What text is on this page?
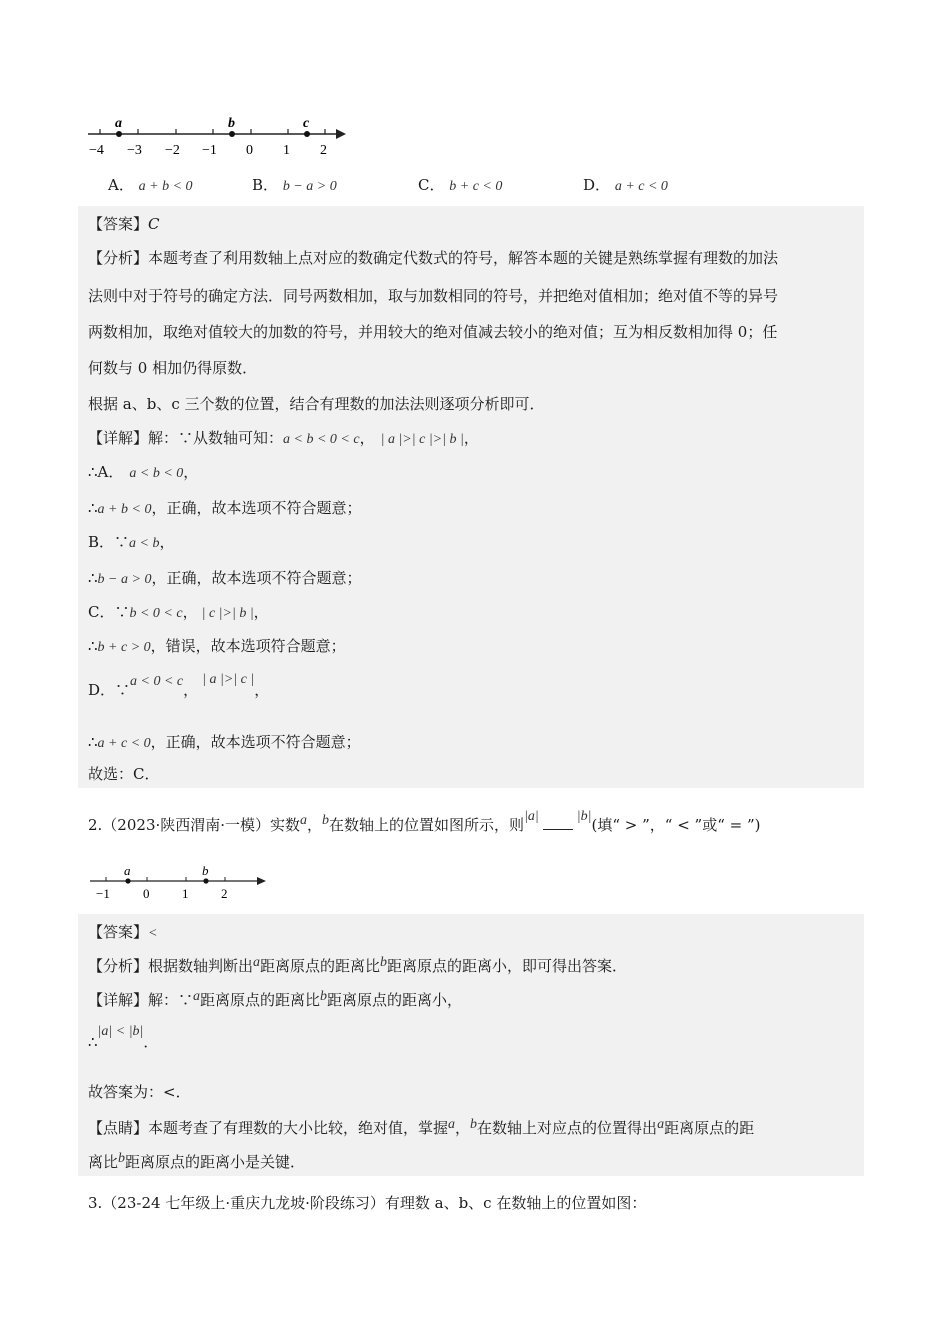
a	b	c
−4 −3 −2 −1 0 1 2
A． a + b < 0	B． b − a > 0	C． b + c < 0	D． a + c < 0
【答案】C
【分析】本题考查了利用数轴上点对应的数确定代数式的符号，解答本题的关键是熟练掌握有理数的加法
法则中对于符号的确定方法．同号两数相加，取与加数相同的符号，并把绝对值相加；绝对值不等的异号
两数相加，取绝对值较大的加数的符号，并用较大的绝对值减去较小的绝对值；互为相反数相加得 0；任
何数与 0 相加仍得原数．
根据 a、b、c 三个数的位置，结合有理数的加法法则逐项分析即可．
【详解】解：∵从数轴可知：a < b < 0 < c， | a |>| c |>| b |，
∴A． a < b < 0，
∴a + b < 0，正确，故本选项不符合题意；
B．∵a < b，
∴b − a > 0，正确，故本选项不符合题意；
C．∵b < 0 < c， | c |>| b |，
∴b + c > 0，错误，故本选项符合题意；
D．∵a < 0 < c，| a |>| c |，
∴a + c < 0，正确，故本选项不符合题意；
故选：C．
2.（2023·陕西渭南·一模）实数a，b在数轴上的位置如图所示，则|a|	|b|(填“ > ”，“ < ”或“ = ”)
a	b
−1	0	1	2
【答案】<
【分析】根据数轴判断出a距离原点的距离比b距离原点的距离小，即可得出答案．
【详解】解：∵a距离原点的距离比b距离原点的距离小，
∴|a| < |b|．
故答案为：<．
【点睛】本题考查了有理数的大小比较，绝对值，掌握a，b在数轴上对应点的位置得出a距离原点的距
离比b距离原点的距离小是关键．
3.（23-24 七年级上·重庆九龙坡·阶段练习）有理数 a、b、c 在数轴上的位置如图：
